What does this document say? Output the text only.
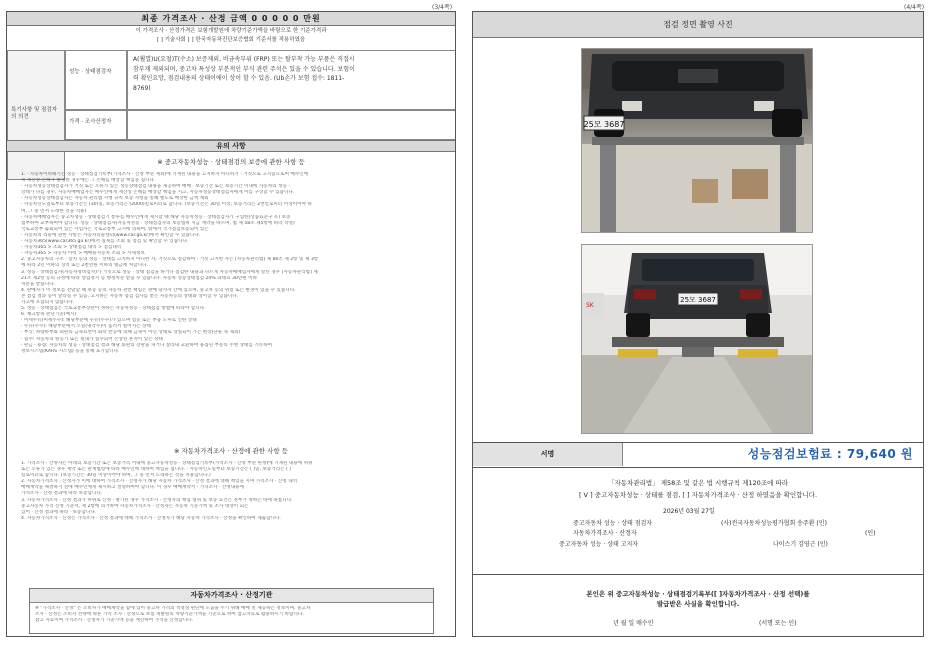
(3/4쪽)
최종 가격조사 · 산정 금액 0 0 0 0 0 만원
이 가격조사 · 산정가격은 보험개발원에 차량기준가액을 바탕으로 한 기준가격과
[ ] 기술사회 [ ] 한국자동차진단보증협회 기준서를 적용하였음
특기사항 및 점검자의 의견
성능 · 상태점검자
A(휠열)U(요철)T(수소) 보증제외, 비금속부위 (FRP) 또는 탈부착 가능 부품은 직접시
참부재 제외되며, 중고차 특성상 부분적인 부식 관련 주석은 있을 수 있습니다. 보험이
력 확인요망, 점검내용의 상태이에이 상이 할 수 있음. (Ub손가 보험 접수: 1811-
8769)
가격 · 조사산정자
유의 사항
※ 중고자동차성능 · 상태점검의 보증에 관한 사항 등
1. · 자동차이력패기는 성능 · 상태점검기록부(가격조사 · 산정 부분 제외)에 기재된 내용을 고지하지 아니하거 · 거짓으로 고지함으로써 매수인에
게 재산상 손해가 발생한 경우에는 그 손해를 배상할 책임을 집니다.
· 자동차성능상태점검자가 거짓 또는 오류가 있는 성능상태점검 내용을 제공하여 매매 · 보증기간 또는 보증기간 이내에 자동차의 성능 ·
상태가 다를 경우, 자동차매매업자는 매수인에게 재산상 손해를 배상할 책임을 지고, 자동차성능상태점검자에게 이를 구상할 수 있습니다.
· 자동차성능상태점검자는 자동차 관리법 시행 규칙 보증 사항을 통해 별도로 배상한 금액 제외
· 자동차인도일로부터 보증기간은 (30)일, 보증거리는 (2000)킬로미터로 합니다. (보증기간은 30일 이상, 보증거리는 2천킬로미터 이상이어야 하
며, 그 중 먼저 도래한 것을 적용)
· 자동차매매업자는 중고차성능 · 상태점검기 통투를 매수인에게 제시할 때 해당 자동차성능 · 상태점검자가 구입한(상품표준구 포) 보증
첨부하여 교부하여야 합니다. 성능 · 상태점검자(자동차성능 · 상태점검자의 보증범위 지금 계약을 따르며, 법 제 58조 제5항에 따라 작성)
국토교통부 출회되어 있는 사업자는 국토교통부 고시에 의하여, 밖에서 국가점검보증되어 있는
· 자동차의 리콜에 관한 사항은 자동차리콜센터(www.car.go.kr)에서 확인할 수 있습니다.
· 자동차365(www.car365.go.kr)에서 실제를 조회 및 점검 및 확인할 수 있습니다.
- 자동차365 > 조회 > 상태점검 내역 > 점검내역
- 자동차365 > 자동차 이력 > 매매용자동차 조회 > 시세정보
2. 중고자동차의 구조 · 장치 등의 성능 · 상태를 고지하지 아니한 자, 거짓으로 점검하여 · 거짓 고지한 자는 [자동차관리법] 제 80조 제 2항 및 제 3항
에 따라 2년 이하의 징역 또는 2천만원 이하의 벌금에 처합니다.
3. 성능 · 상태점검자(자동차정비업자)가 거짓으로 성능 · 상태 점검을 하거나 점검한 내용과 다르게 자동차매매업자에게 알린 경우 [자동차관리법] 제
21조 제2항 등의 규정에 따라 영업정지 등 행정처분 받을 수 있습니다. 자동차 성능상태점검 20% 과태료 30만원 이하
처분을 받습니다.
4. 판매자가 이 정보를 전달할 때 보증 등의 자동차 관련 책임은 판매 당사자 간에 있으며, 중고차 등의 위험 또는 변경이 있을 수 있습니다.
본 점검 결과 등이 달라질 수 있음, 고지하는 자동차 점검 검사를 받은 자동차등의 상태와 상이할 수 있습니다.
사고에 포함되지 않습니다.
5. 성능 · 상태점검은 국토교통부장관이 정하는 자동차성능 · 상태점검 방법에 따라야 합니다.
6. 체크항목 판단기준(예시)
· 미세누유(미세누수): 해당부분에 누유(누수)가 있으며 점등 또는 부품 노후로 인한 상태
· 누유(누수): 해당부분에서 오일(냉각수)이 흘러서 떨어지는 상태
· 부식: 차량하부와 외판의 금속표면이 화학 반응에 의해 금속이 아닌 상태로 상실되어 가는 현상(단순 녹 제외)
· 침수: 자동차의 원동기 또는 실내가 침수되어 손상된 흔적이 있는 상태
· 판금 · 용접: 자동차의 성능 · 상태점검 결과 해당 외판의 강판을 펴거나 잘라내 교환하여 용접된 부분의 주변 상태를 기록하여
정보시스템(KARS 시스템) 등을 통해 표기합니다.
※ 자동차가격조사 · 산정에 관한 사항 등
1. 가격조사 · 산정자는 아래의 보증기간 또는 보증거리 이내에 중고자동차성능 · 상태점검기록부(가격조사 · 산정 부분 한정)에 기재된 내용에 허위
또는 오류가 있는 경우 계약 또는 관계법령에 따라 매수인에 대하여 책임을 집니다. · 자동차인도일부터 보증기간은 ( )일, 보증거리는 ( )
킬로미터로 합니다. (보증기간은 30일 이상이어야 하며, 그 중 먼저 도래하는 것을 적용합니다.)
2. 자동차가격조사 · 산정자가 이에 대하여 가격조사 · 산정자가 해당 자동차 가격조사 · 산정 결과에 대해 책임을 지며 가격조사 · 산정 내역
매매계약을 체결하기 전에 매수인에게 제시하고 설명하여야 합니다. 이 경우 매매계약서 · 가격조사 · 산정내용에
가격조사 · 산정 결과에 따라 보증합니다.
3. 자동차가격조사 · 산정 결과가 허위로 산정 · 평가된 경우 가격조사 · 산정자의 책임 범위 및 보증 요건은 정부가 정하는 바에 따릅니다.
중고자동차 가격 산정 기준서, 제 2항에 의거하여 자동차가격조사 · 산정자는 자동차 기준가액 및 조사 대상이 되는
있어 · 산정 결과에 따라 · 보증합니다.
4. 자동차가격조사 · 산정은 가격조사 · 산정 결과에 대해 가격조사 · 산정자가 해당 자동차 가격조사 · 산정을 확인하여 제출합니다.
자동차가격조사 · 산정기관
※ "가격조사 · 산정" 은 소비자가 매매계약을 함에 있어 중고차 가격의 적정성 판단에 도움을 주기 위해 매매 전 제공하는 정보이며, 중고차
조사 · 산정은 소비자 선택에 따른 가격 조사 · 산정으로 보험 개발원의 차량기준가액을 기준으로 하여 참고자료로 활용하시기 바랍니다.
참고 자료이며 가격조사 · 산정자가 기준가액 등을 계산하여 가격을 산정합니다.
(4/4쪽)
점검 정면 촬영 사진
25모 3687
SK
25모 3687
서명	성능점검보험료 : 79,640 원
「자동차관리법」 제58조 및 같은 법 시행규칙 제120조에 따라
[ V ] 중고자동차성능 · 상태를 점검, [ ] 자동차가격조사 · 산정 하였음을 확인합니다.
2026년 03월 27일
중고자동차 성능 · 상태 점검자	(사)전국자동차성능평가협회 송주환 (인)
자동차가격조사 · 산정자	(인)
중고자동차 성능 · 상태 고지자	나이스기 김영근 (인)
본인은 위 중고자동차성능 · 상태점검기록부([ ]자동차가격조사 · 산정 선택)를
발급받은 사실을 확인합니다.
년 월 일 매수인	(서명 또는 인)
